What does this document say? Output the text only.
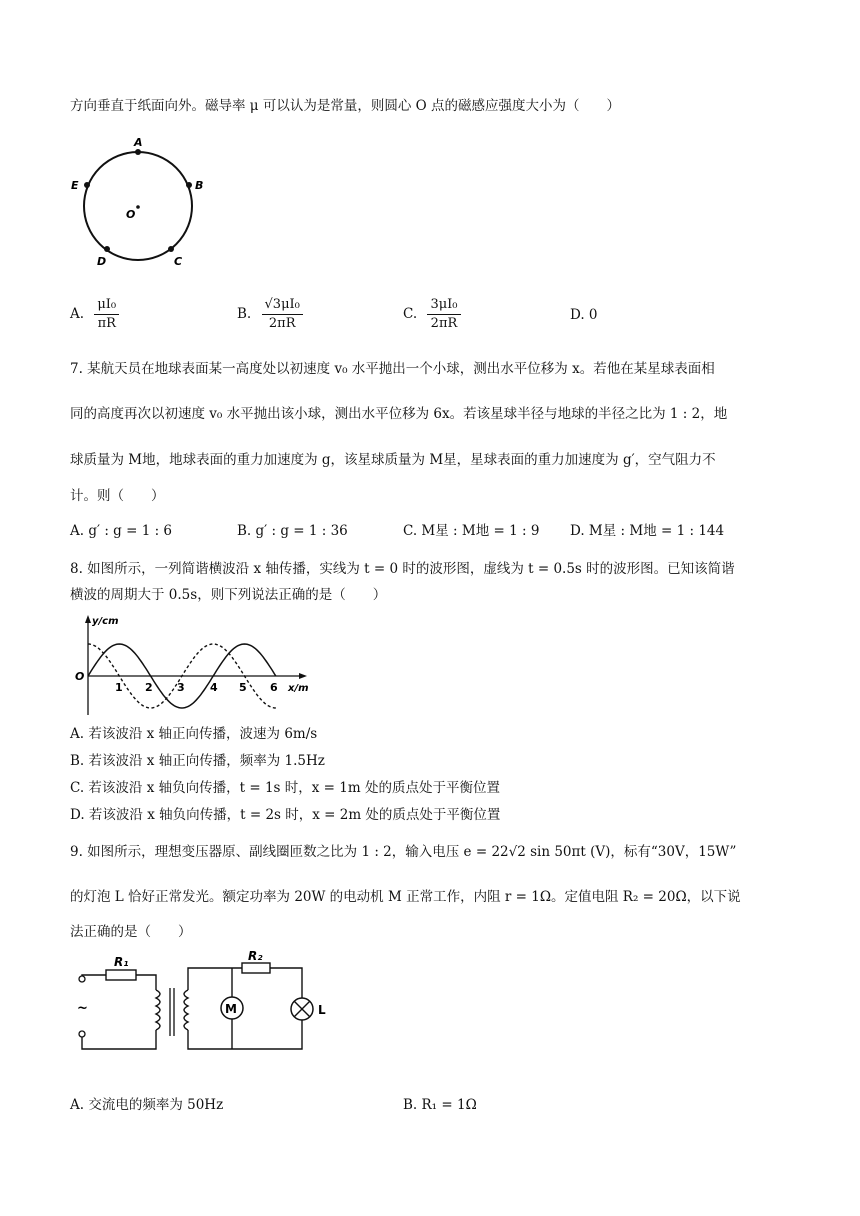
方向垂直于纸面向外。磁导率 μ 可以认为是常量，则圆心 O 点的磁感应强度大小为（　　）
A
B
E
C
D
O
A. $\frac{\text{μI₀}}{\pi R}$	B. $\frac{\text{√3μI₀}}{2\pi R}$	C. $\frac{\text{3μI₀}}{2\pi R}$	D. 0
7. 某航天员在地球表面某一高度处以初速度 v₀ 水平抛出一个小球，测出水平位移为 x。若他在某星球表面相
同的高度再次以初速度 v₀ 水平抛出该小球，测出水平位移为 6x。若该星球半径与地球的半径之比为 1 : 2，地
球质量为 M地，地球表面的重力加速度为 g，该星球质量为 M星，星球表面的重力加速度为 g′，空气阻力不
计。则（　　）
A. g′ : g = 1 : 6	B. g′ : g = 1 : 36	C. M星 : M地 = 1 : 9 D. M星 : M地 = 1 : 144
8. 如图所示，一列简谐横波沿 x 轴传播，实线为 t = 0 时的波形图，虚线为 t = 0.5s 时的波形图。已知该简谐
横波的周期大于 0.5s，则下列说法正确的是（　　）
y/cm
x/m
O
1 2 3 4 5 6
A. 若该波沿 x 轴正向传播，波速为 6m/s
B. 若该波沿 x 轴正向传播，频率为 1.5Hz
C. 若该波沿 x 轴负向传播，t = 1s 时，x = 1m 处的质点处于平衡位置
D. 若该波沿 x 轴负向传播，t = 2s 时，x = 2m 处的质点处于平衡位置
9. 如图所示，理想变压器原、副线圈匝数之比为 1 : 2，输入电压 e = 22√2 sin 50πt (V)，标有“30V，15W”
的灯泡 L 恰好正常发光。额定功率为 20W 的电动机 M 正常工作，内阻 r = 1Ω。定值电阻 R₂ = 20Ω，以下说
法正确的是（　　）
~
R₁	R₂
M	L
A. 交流电的频率为 50Hz	B. R₁ = 1Ω
